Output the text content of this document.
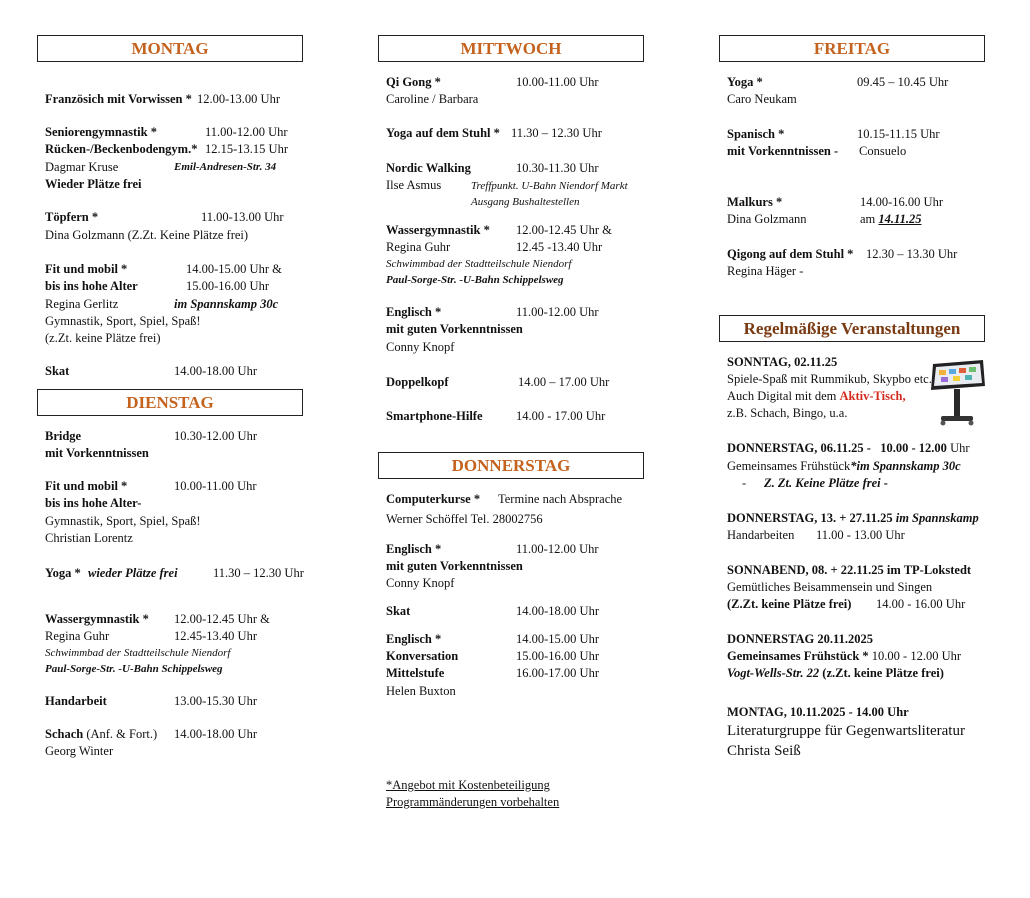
MONTAG
Französich mit Vorwissen * 12.00-13.00 Uhr
Seniorengymnastik *	11.00-12.00 Uhr
Rücken-/Beckenbodengym.* 12.15-13.15 Uhr
Dagmar Kruse	Emil-Andresen-Str. 34
Wieder Plätze frei
Töpfern *	11.00-13.00 Uhr
Dina Golzmann (Z.Zt. Keine Plätze frei)
Fit und mobil *	14.00-15.00 Uhr &
bis ins hohe Alter	15.00-16.00 Uhr
Regina Gerlitz	im Spannskamp 30c
Gymnastik, Sport, Spiel, Spaß!
(z.Zt. keine Plätze frei)
Skat	14.00-18.00 Uhr
DIENSTAG
Bridge	10.30-12.00 Uhr
mit Vorkenntnissen
Fit und mobil *	10.00-11.00 Uhr
bis ins hohe Alter-
Gymnastik, Sport, Spiel, Spaß!
Christian Lorentz
Yoga * wieder Plätze frei	11.30 – 12.30 Uhr
Wassergymnastik * 12.00-12.45 Uhr &
Regina Guhr	12.45-13.40 Uhr
Schwimmbad der Stadtteilschule Niendorf
Paul-Sorge-Str. -U-Bahn Schippelsweg
Handarbeit	13.00-15.30 Uhr
Schach (Anf. & Fort.) 14.00-18.00 Uhr
Georg Winter
MITTWOCH
Qi Gong *	10.00-11.00 Uhr
Caroline / Barbara
Yoga auf dem Stuhl * 11.30 – 12.30 Uhr
Nordic Walking	10.30-11.30 Uhr
Ilse Asmus	Treffpunkt. U-Bahn Niendorf Markt
Ausgang Bushaltestellen
Wassergymnastik * 12.00-12.45 Uhr &
Regina Guhr	12.45 -13.40 Uhr
Schwimmbad der Stadtteilschule Niendorf
Paul-Sorge-Str. -U-Bahn Schippelsweg
Englisch *	11.00-12.00 Uhr
mit guten Vorkenntnissen
Conny Knopf
Doppelkopf	14.00 – 17.00 Uhr
Smartphone-Hilfe	14.00 - 17.00 Uhr
DONNERSTAG
Computerkurse * Termine nach Absprache
Werner Schöffel Tel. 28002756
Englisch *	11.00-12.00 Uhr
mit guten Vorkenntnissen
Conny Knopf
Skat	14.00-18.00 Uhr
Englisch *	14.00-15.00 Uhr
Konversation	15.00-16.00 Uhr
Mittelstufe	16.00-17.00 Uhr
Helen Buxton
*Angebot mit Kostenbeteiligung
Programmänderungen vorbehalten
FREITAG
Yoga *	09.45 – 10.45 Uhr
Caro Neukam
Spanisch *	10.15-11.15 Uhr
mit Vorkenntnissen - Consuelo
Malkurs *	14.00-16.00 Uhr
Dina Golzmann	am 14.11.25
Qigong auf dem Stuhl * 12.30 – 13.30 Uhr
Regina Häger -
Regelmäßige Veranstaltungen
SONNTAG, 02.11.25
Spiele-Spaß mit Rummikub, Skypbo etc.
Auch Digital mit dem Aktiv-Tisch,
z.B. Schach, Bingo, u.a.
DONNERSTAG, 06.11.25 - 10.00 - 12.00 Uhr
Gemeinsames Frühstück*im Spannskamp 30c
- Z. Zt. Keine Plätze frei -
DONNERSTAG, 13. + 27.11.25 im Spannskamp
Handarbeiten 11.00 - 13.00 Uhr
SONNABEND, 08. + 22.11.25 im TP-Lokstedt
Gemütliches Beisammensein und Singen
(Z.Zt. keine Plätze frei) 14.00 - 16.00 Uhr
DONNERSTAG 20.11.2025
Gemeinsames Frühstück * 10.00 - 12.00 Uhr
Vogt-Wells-Str. 22 (z.Zt. keine Plätze frei)
MONTAG, 10.11.2025 - 14.00 Uhr
Literaturgruppe für Gegenwartsliteratur
Christa Seiß
